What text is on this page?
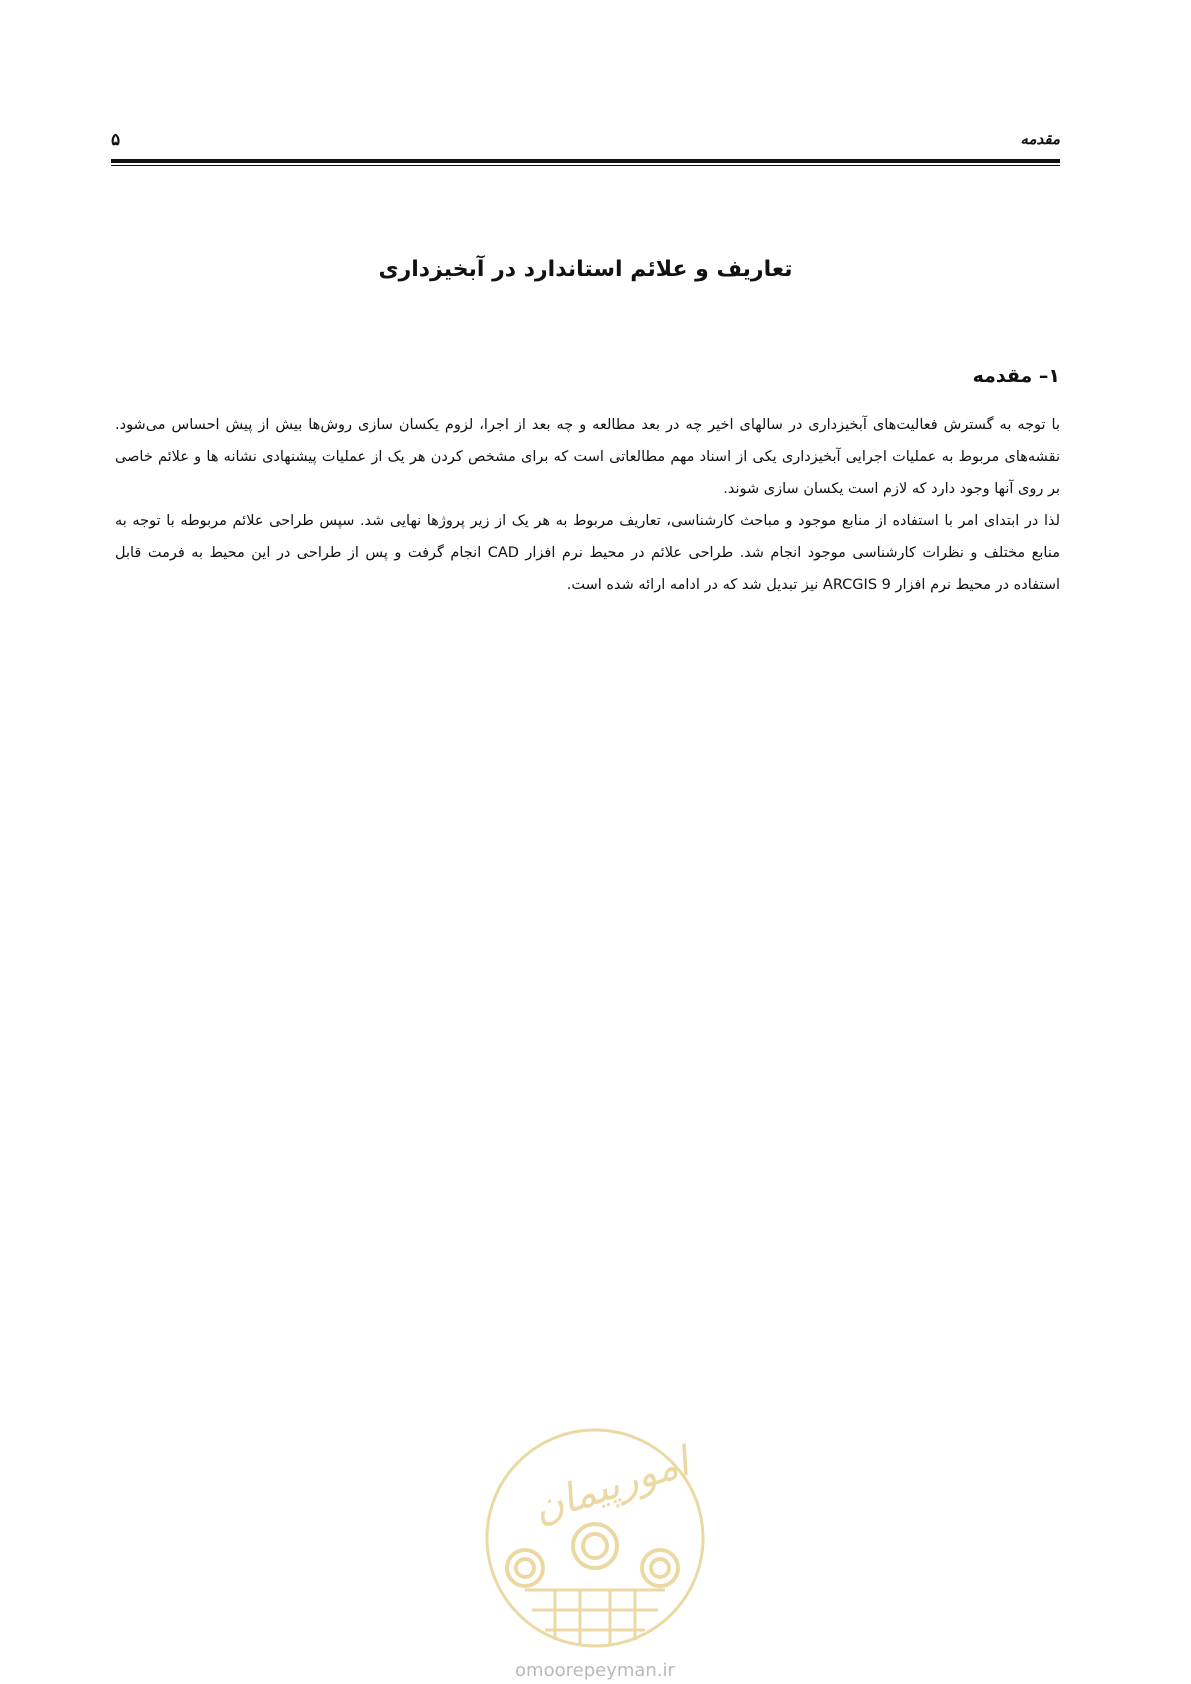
مقدمه
۵
تعاریف و علائم استاندارد در آبخیزداری
۱– مقدمه

با توجه به گسترش فعالیت‌های آبخیزداری در سالهای اخیر چه در بعد مطالعه و چه بعد از اجرا، لزوم یکسان سازی روش‌ها بیش از پیش احساس می‌شود. نقشه‌های مربوط به عملیات اجرایی آبخیزداری یکی از اسناد مهم مطالعاتی است که برای مشخص کردن هر یک از عملیات پیشنهادی نشانه ها و علائم خاصی بر روی آنها وجود دارد که لازم است یکسان سازی شوند.

لذا در ابتدای امر با استفاده از منابع موجود و مباحث کارشناسی، تعاریف مربوط به هر یک از زیر پروژها نهایی شد. سپس طراحی علائم مربوطه با توجه به منابع مختلف و نظرات کارشناسی موجود انجام شد. طراحی علائم در محیط نرم افزار CAD انجام گرفت و پس از طراحی در این محیط به فرمت قابل استفاده در محیط نرم افزار ARCGIS 9 نیز تبدیل شد که در ادامه ارائه شده است.

امورپیمان
omoorepeyman.ir
